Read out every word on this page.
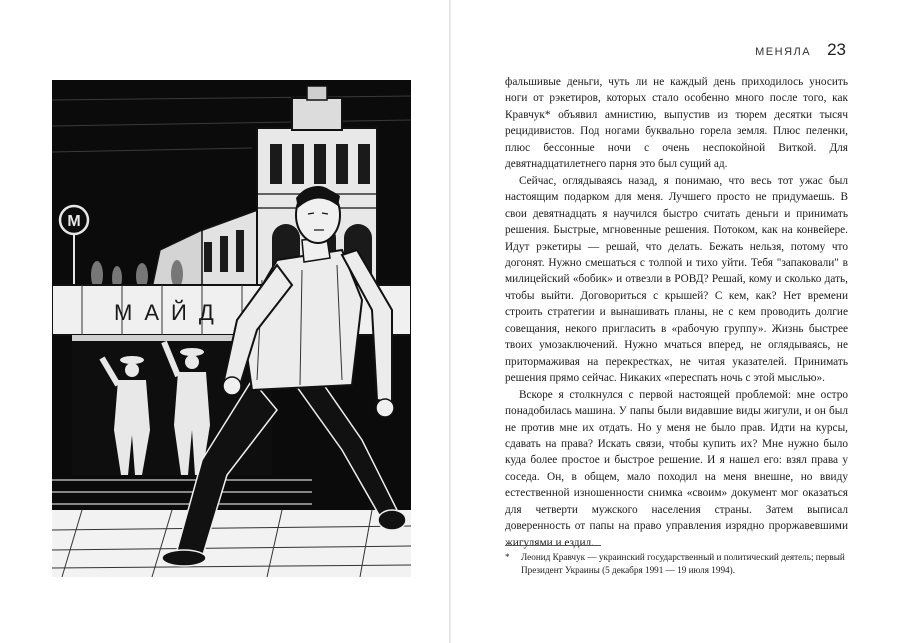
М
МАЙД
МЕНЯЛА 23

фальшивые деньги, чуть ли не каждый день приходилось уносить ноги от рэкетиров, которых стало особенно много после того, как Кравчук* объявил амнистию, выпустив из тюрем десятки тысяч рецидивистов. Под ногами буквально горела земля. Плюс пеленки, плюс бессонные ночи с очень неспокойной Виткой. Для девятнадцатилетнего парня это был сущий ад.

Сейчас, оглядываясь назад, я понимаю, что весь тот ужас был настоящим подарком для меня. Лучшего просто не придумаешь. В свои девятнадцать я научился быстро считать деньги и принимать решения. Быстрые, мгновенные решения. Потоком, как на конвейере. Идут рэкетиры — решай, что делать. Бежать нельзя, потому что догонят. Нужно смешаться с толпой и тихо уйти. Тебя "запаковали" в милицейский «бобик» и отвезли в РОВД? Решай, кому и сколько дать, чтобы выйти. Договориться с крышей? С кем, как? Нет времени строить стратегии и вынашивать планы, не с кем проводить долгие совещания, некого пригласить в «рабочую группу». Жизнь быстрее твоих умозаключений. Нужно мчаться вперед, не оглядываясь, не притормаживая на перекрестках, не читая указателей. Принимать решения прямо сейчас. Никаких «переспать ночь с этой мыслью».

Вскоре я столкнулся с первой настоящей проблемой: мне остро понадобилась машина. У папы были видавшие виды жигули, и он был не против мне их отдать. Но у меня не было прав. Идти на курсы, сдавать на права? Искать связи, чтобы купить их? Мне нужно было куда более простое и быстрое решение. И я нашел его: взял права у соседа. Он, в общем, мало походил на меня внешне, но ввиду естественной изношенности снимка «своим» документ мог оказаться для четверти мужского населения страны. Затем выписал доверенность от папы на право управления изрядно проржавевшими жигулями и ездил.

*	Леонид Кравчук — украинский государственный и политический деятель; первый Президент Украины (5 декабря 1991 — 19 июля 1994).
